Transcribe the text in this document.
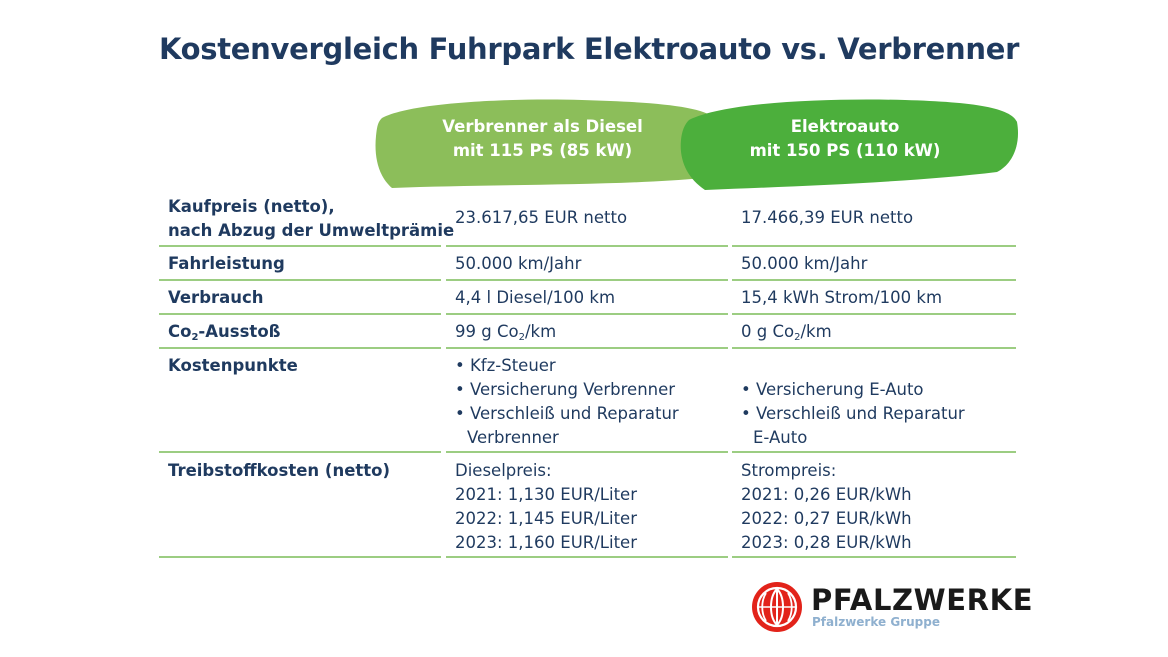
Kostenvergleich Fuhrpark Elektroauto vs. Verbrenner
Verbrenner als Diesel
mit 115 PS (85 kW)
Elektroauto
mit 150 PS (110 kW)
Kaufpreis (netto),
nach Abzug der Umweltprämie
23.617,65 EUR netto	17.466,39 EUR netto
Fahrleistung	50.000 km/Jahr	50.000 km/Jahr
Verbrauch	4,4 l Diesel/100 km	15,4 kWh Strom/100 km
$Co_2$-Ausstoß	99 g $Co_2/km$	0 g $Co_2/km$
Kostenpunkte
•	Kfz-Steuer
• Versicherung Verbrenner
• Verschleiß und Reparatur Verbrenner
• Versicherung E-Auto
• Verschleiß und Reparatur E-Auto
Treibstoffkosten (netto)	Dieselpreis:
2021: 1,130 EUR/Liter
2022: 1,145 EUR/Liter
2023: 1,160 EUR/Liter
Strompreis:
2021: 0,26 EUR/kWh
2022: 0,27 EUR/kWh
2023: 0,28 EUR/kWh
PFALZWERKE
Pfalzwerke Gruppe
